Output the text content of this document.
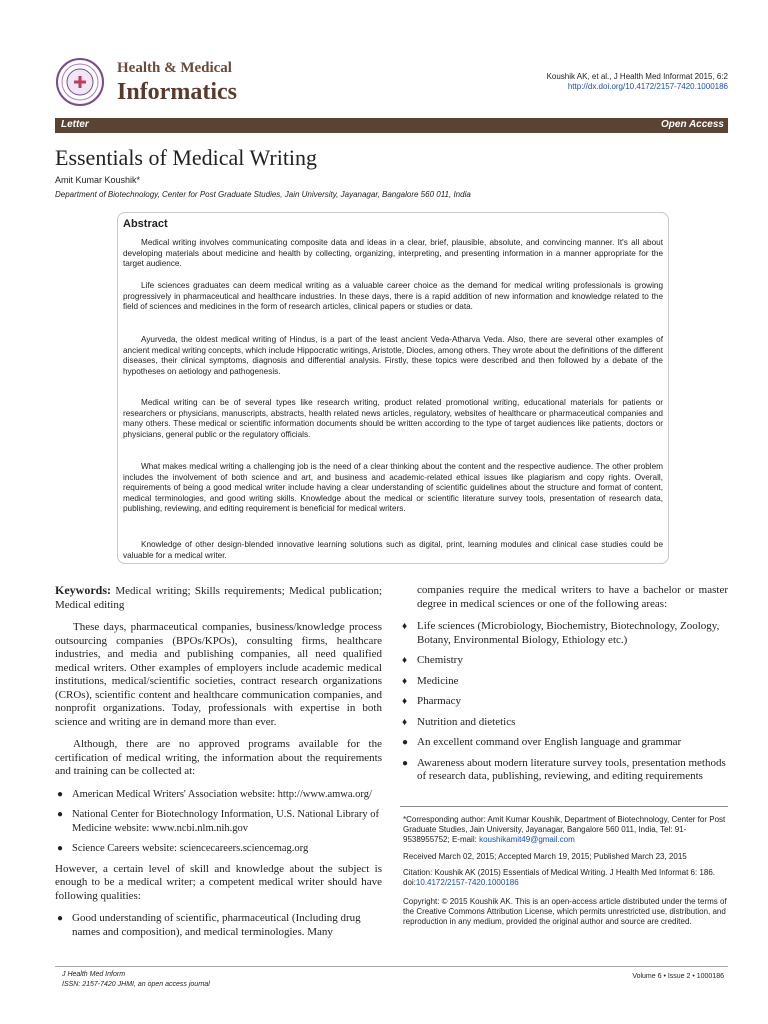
Health & Medical
Informatics
Koushik AK, et al., J Health Med Informat 2015, 6:2
http://dx.doi.org/10.4172/2157-7420.1000186
Letter	Open Access
Essentials of Medical Writing
Amit Kumar Koushik*
Department of Biotechnology, Center for Post Graduate Studies, Jain University, Jayanagar, Bangalore 560 011, India
Abstract

Medical writing involves communicating composite data and ideas in a clear, brief, plausible, absolute, and convincing manner. It's all about developing materials about medicine and health by collecting, organizing, interpreting, and presenting information in a manner appropriate for the target audience.

Life sciences graduates can deem medical writing as a valuable career choice as the demand for medical writing professionals is growing progressively in pharmaceutical and healthcare industries. In these days, there is a rapid addition of new information and knowledge related to the field of sciences and medicines in the form of research articles, clinical papers or studies or data.

Ayurveda, the oldest medical writing of Hindus, is a part of the least ancient Veda-Atharva Veda. Also, there are several other examples of ancient medical writing concepts, which include Hippocratic writings, Aristotle, Diocles, among others. They wrote about the definitions of the different diseases, their clinical symptoms, diagnosis and differential analysis. Firstly, these topics were described and then followed by a debate of the hypotheses on aetiology and pathogenesis.

Medical writing can be of several types like research writing, product related promotional writing, educational materials for patients or researchers or physicians, manuscripts, abstracts, health related news articles, regulatory, websites of healthcare or pharmaceutical companies and many others. These medical or scientific information documents should be written according to the type of target audiences like patients, doctors or physicians, general public or the regulatory officials.

What makes medical writing a challenging job is the need of a clear thinking about the content and the respective audience. The other problem includes the involvement of both science and art, and business and academic-related ethical issues like plagiarism and copy rights. Overall, requirements of being a good medical writer include having a clear understanding of scientific guidelines about the structure and format of content, medical terminologies, and good writing skills. Knowledge about the medical or scientific literature survey tools, presentation of research data, publishing, reviewing, and editing requirement is beneficial for medical writers.

Knowledge of other design-blended innovative learning solutions such as digital, print, learning modules and clinical case studies could be valuable for a medical writer.

Keywords: Medical writing; Skills requirements; Medical publication; Medical editing

These days, pharmaceutical companies, business/knowledge process outsourcing companies (BPOs/KPOs), consulting firms, healthcare industries, and media and publishing companies, all need qualified medical writers. Other examples of employers include academic medical institutions, medical/scientific societies, contract research organizations (CROs), scientific content and healthcare communication companies, and nonprofit organizations. Today, professionals with expertise in both science and writing are in demand more than ever.

Although, there are no approved programs available for the certification of medical writing, the information about the requirements and training can be collected at:

● American Medical Writers' Association website: http://www.amwa.org/
● National Center for Biotechnology Information, U.S. National Library of Medicine website: www.ncbi.nlm.nih.gov
● Science Careers website: sciencecareers.sciencemag.org

However, a certain level of skill and knowledge about the subject is enough to be a medical writer; a competent medical writer should have following qualities:

● Good understanding of scientific, pharmaceutical (Including drug names and composition), and medical terminologies. Many

companies require the medical writers to have a bachelor or master degree in medical sciences or one of the following areas:

♦ Life sciences (Microbiology, Biochemistry, Biotechnology, Zoology, Botany, Environmental Biology, Ethiology etc.)
♦ Chemistry
♦ Medicine
♦ Pharmacy
♦ Nutrition and dietetics
● An excellent command over English language and grammar
● Awareness about modern literature survey tools, presentation methods of research data, publishing, reviewing, and editing requirements

*Corresponding author: Amit Kumar Koushik, Department of Biotechnology, Center for Post Graduate Studies, Jain University, Jayanagar, Bangalore 560 011, India, Tel: 91-9538955752; E-mail: koushikamit49@gmail.com

Received March 02, 2015; Accepted March 19, 2015; Published March 23, 2015

Citation: Koushik AK (2015) Essentials of Medical Writing. J Health Med Informat 6: 186. doi:10.4172/2157-7420.1000186

Copyright: © 2015 Koushik AK. This is an open-access article distributed under the terms of the Creative Commons Attribution License, which permits unrestricted use, distribution, and reproduction in any medium, provided the original author and source are credited.

J Health Med Inform
ISSN: 2157-7420 JHMI, an open access journal
Volume 6 • Issue 2 • 1000186
